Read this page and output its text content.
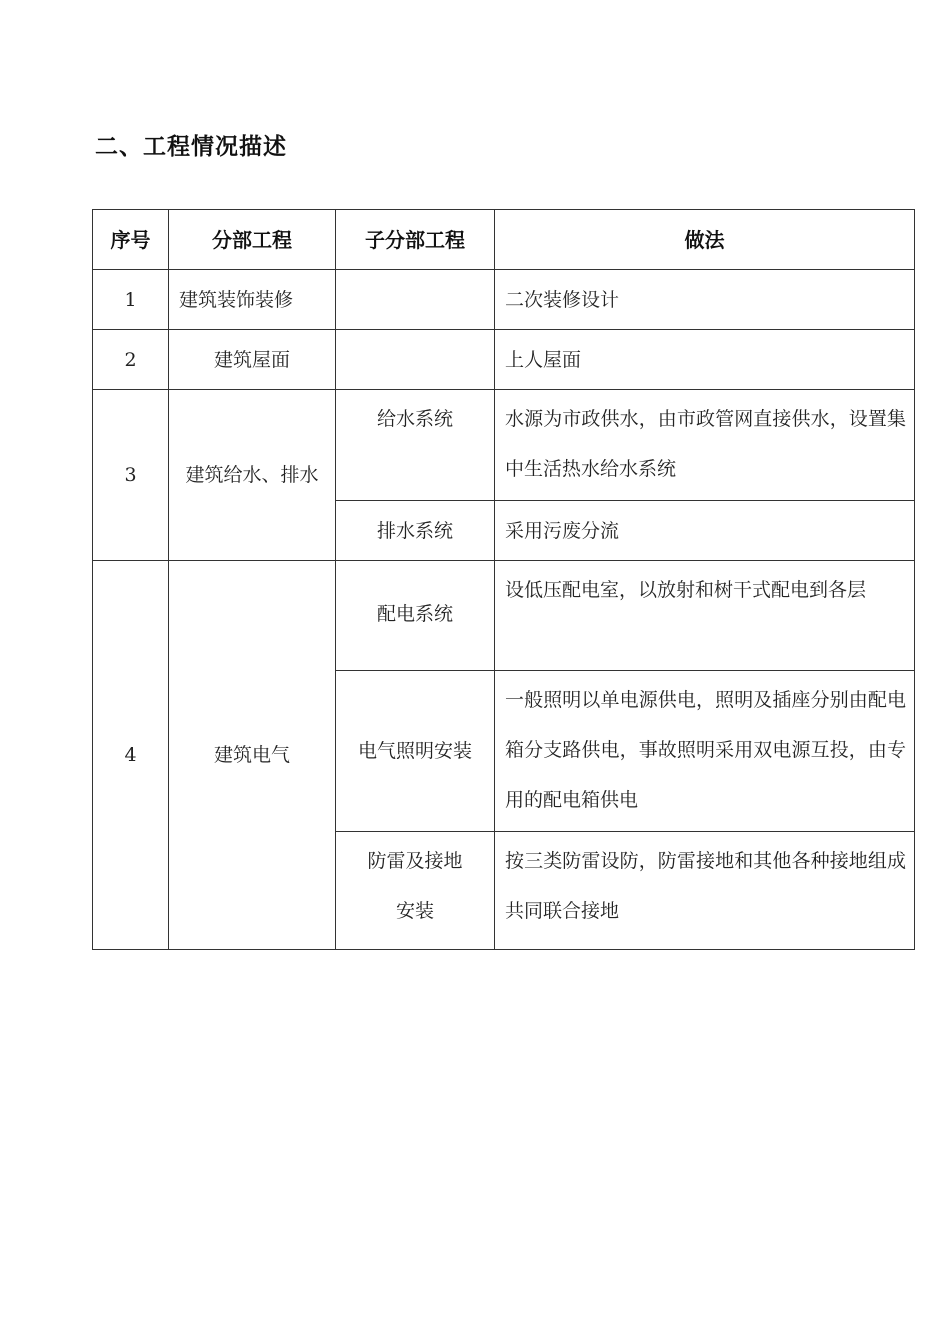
二、工程情况描述
序号	分部工程	子分部工程	做法
1	建筑装饰装修		二次装修设计
2	建筑屋面		上人屋面
3	建筑给水、排水	给水系统	水源为市政供水，由市政管网直接供水，设置集中生活热水给水系统
		排水系统	采用污废分流
4	建筑电气	配电系统	设低压配电室，以放射和树干式配电到各层
		电气照明安装	一般照明以单电源供电，照明及插座分别由配电箱分支路供电，事故照明采用双电源互投，由专用的配电箱供电
		防雷及接地安装	按三类防雷设防，防雷接地和其他各种接地组成共同联合接地
